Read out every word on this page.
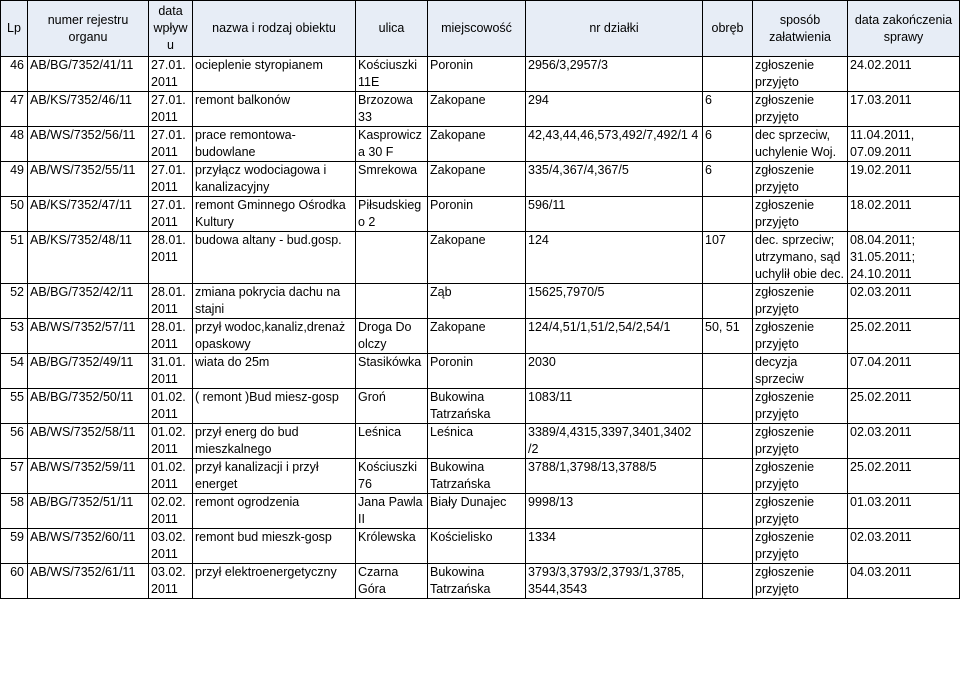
Lp	numer rejestru organu	data wpływu	nazwa i rodzaj obiektu	ulica	miejscowość	nr działki	obręb	sposób załatwienia	data zakończenia sprawy
46	AB/BG/7352/41/11	27.01. 2011	ocieplenie styropianem	Kościuszki 11E	Poronin	2956/3,2957/3		zgłoszenie przyjęto	24.02.2011
47	AB/KS/7352/46/11	27.01. 2011	remont balkonów	Brzozowa 33	Zakopane	294	6	zgłoszenie przyjęto	17.03.2011
48	AB/WS/7352/56/11	27.01. 2011	prace remontowa-budowlane	Kasprowicza 30 F	Zakopane	42,43,44,46,573,492/7,492/1 4	6	dec sprzeciw, uchylenie Woj.	11.04.2011, 07.09.2011
49	AB/WS/7352/55/11	27.01. 2011	przyłącz wodociagowa i kanalizacyjny	Smrekowa	Zakopane	335/4,367/4,367/5	6	zgłoszenie przyjęto	19.02.2011
50	AB/KS/7352/47/11	27.01. 2011	remont Gminnego Ośrodka Kultury	Piłsudskiego 2	Poronin	596/11		zgłoszenie przyjęto	18.02.2011
51	AB/KS/7352/48/11	28.01. 2011	budowa altany - bud.gosp.		Zakopane	124	107	dec. sprzeciw; utrzymano, sąd uchylił obie dec.	08.04.2011; 31.05.2011; 24.10.2011
52	AB/BG/7352/42/11	28.01. 2011	zmiana pokrycia dachu na stajni		Ząb	15625,7970/5		zgłoszenie przyjęto	02.03.2011
53	AB/WS/7352/57/11	28.01. 2011	przył wodoc,kanaliz,drenaż opaskowy	Droga Do olczy	Zakopane	124/4,51/1,51/2,54/2,54/1	50, 51	zgłoszenie przyjęto	25.02.2011
54	AB/BG/7352/49/11	31.01. 2011	wiata do 25m	Stasikówka	Poronin	2030		decyzja sprzeciw	07.04.2011
55	AB/BG/7352/50/11	01.02. 2011	( remont )Bud miesz-gosp	Groń	Bukowina Tatrzańska	1083/11		zgłoszenie przyjęto	25.02.2011
56	AB/WS/7352/58/11	01.02. 2011	przył energ do bud mieszkalnego	Leśnica	Leśnica	3389/4,4315,3397,3401,3402 /2		zgłoszenie przyjęto	02.03.2011
57	AB/WS/7352/59/11	01.02. 2011	przył kanalizacji i przył energet	Kościuszki 76	Bukowina Tatrzańska	3788/1,3798/13,3788/5		zgłoszenie przyjęto	25.02.2011
58	AB/BG/7352/51/11	02.02. 2011	remont ogrodzenia	Jana Pawla II	Biały Dunajec	9998/13		zgłoszenie przyjęto	01.03.2011
59	AB/WS/7352/60/11	03.02. 2011	remont bud mieszk-gosp	Królewska	Kościelisko	1334		zgłoszenie przyjęto	02.03.2011
60	AB/WS/7352/61/11	03.02. 2011	przył elektroenergetyczny	Czarna Góra	Bukowina Tatrzańska	3793/3,3793/2,3793/1,3785, 3544,3543		zgłoszenie przyjęto	04.03.2011
